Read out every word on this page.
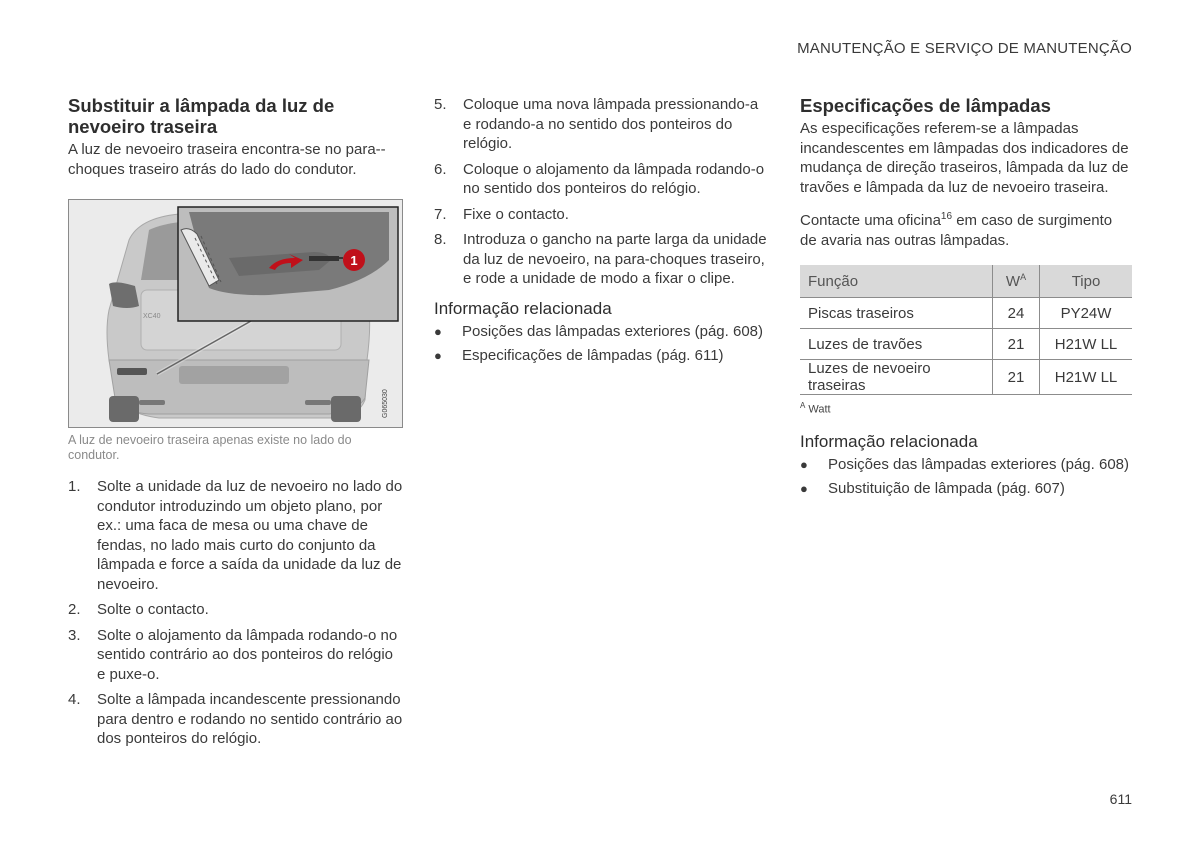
MANUTENÇÃO E SERVIÇO DE MANUTENÇÃO
Substituir a lâmpada da luz de nevoeiro traseira

A luz de nevoeiro traseira encontra-se no para--choques traseiro atrás do lado do condutor.

1
XC40
G065030
A luz de nevoeiro traseira apenas existe no lado do condutor.
1.	Solte a unidade da luz de nevoeiro no lado do condutor introduzindo um objeto plano, por ex.: uma faca de mesa ou uma chave de fendas, no lado mais curto do conjunto da lâmpada e force a saída da unidade da luz de nevoeiro.
2.	Solte o contacto.
3.	Solte o alojamento da lâmpada rodando-o no sentido contrário ao dos ponteiros do relógio e puxe-o.
4.	Solte a lâmpada incandescente pressionando para dentro e rodando no sentido contrário ao dos ponteiros do relógio.
5.	Coloque uma nova lâmpada pressionando-a e rodando-a no sentido dos ponteiros do relógio.
6.	Coloque o alojamento da lâmpada rodando-o no sentido dos ponteiros do relógio.
7.	Fixe o contacto.
8.	Introduza o gancho na parte larga da unidade da luz de nevoeiro, na para-choques traseiro, e rode a unidade de modo a fixar o clipe.
Informação relacionada
●	Posições das lâmpadas exteriores (pág. 608)
●	Especificações de lâmpadas (pág. 611)
Especificações de lâmpadas

As especificações referem-se a lâmpadas incandescentes em lâmpadas dos indicadores de mudança de direção traseiros, lâmpada da luz de travões e lâmpada da luz de nevoeiro traseira.

Contacte uma oficina$^{16}$ em caso de surgimento de avaria nas outras lâmpadas.

Função	$W^A$	Tipo
Piscas traseiros	24	PY24W
Luzes de travões	21	H21W LL
Luzes de nevoeiro traseiras	21	H21W LL
$^A$ Watt
Informação relacionada
●	Posições das lâmpadas exteriores (pág. 608)
●	Substituição de lâmpada (pág. 607)
611
